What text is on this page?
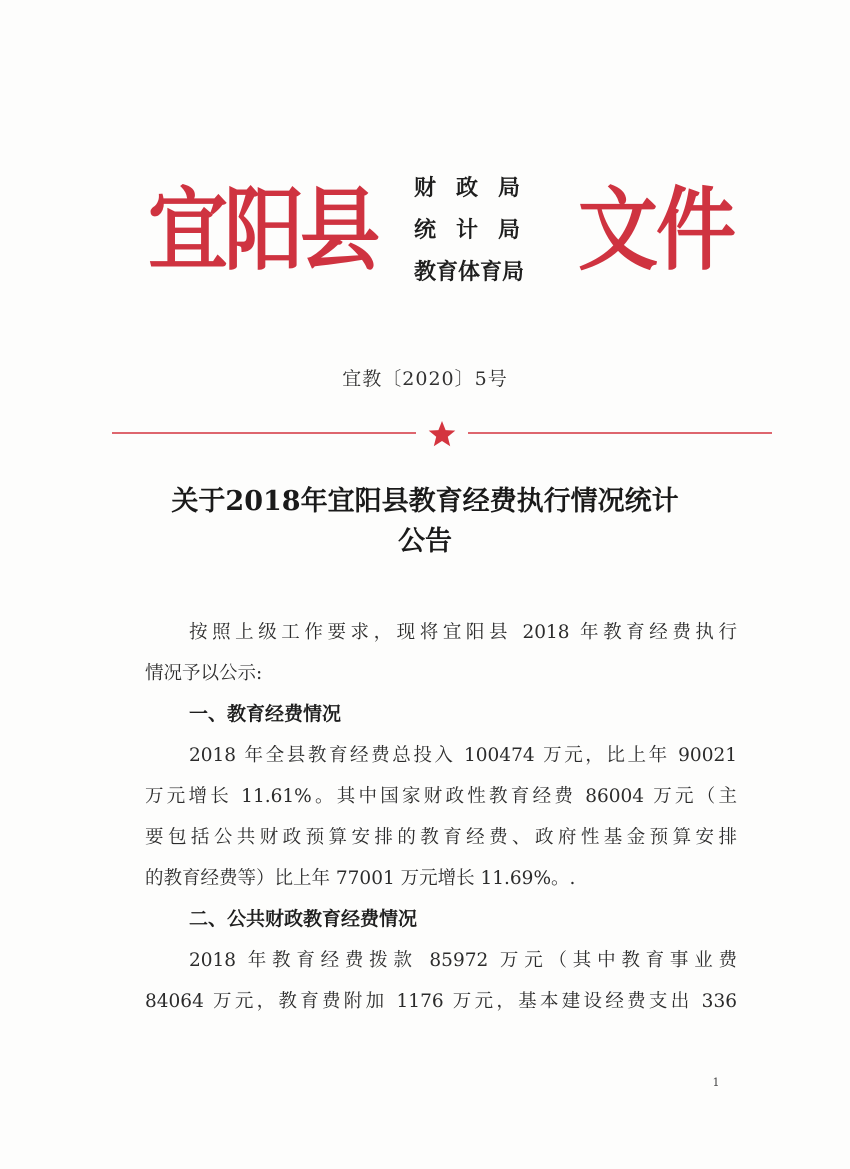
宜阳县	财政局
统计局
教育体育局 文件
宜教〔2020〕5号
关于2018年宜阳县教育经费执行情况统计
公告
按照上级工作要求，现将宜阳县 2018 年教育经费执行
情况予以公示:
一、教育经费情况
2018 年全县教育经费总投入 100474 万元，比上年 90021
万元增长 11.61%。其中国家财政性教育经费 86004 万元（主
要包括公共财政预算安排的教育经费、政府性基金预算安排
的教育经费等）比上年 77001 万元增长 11.69%。.
二、公共财政教育经费情况
2018 年教育经费拨款 85972 万元（其中教育事业费
84064 万元，教育费附加 1176 万元，基本建设经费支出 336
1
